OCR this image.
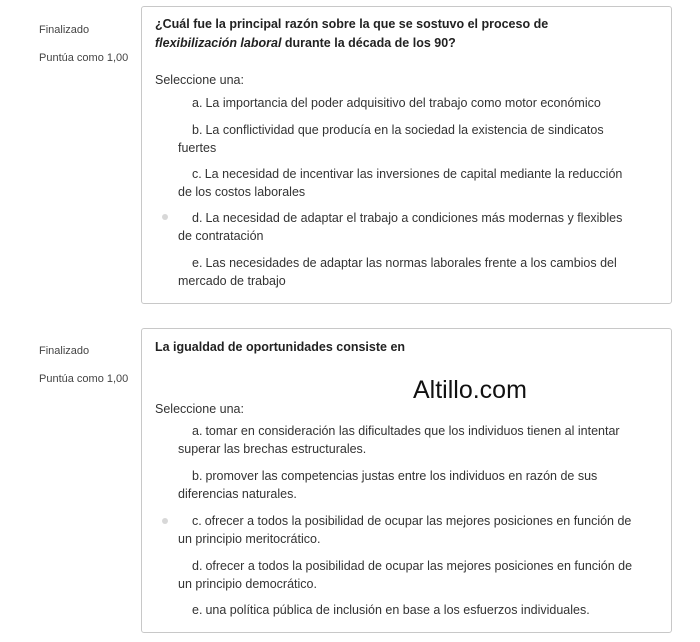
Finalizado
Puntúa como 1,00
¿Cuál fue la principal razón sobre la que se sostuvo el proceso de
flexibilización laboral durante la década de los 90?
Seleccione una:
a. La importancia del poder adquisitivo del trabajo como motor económico
b. La conflictividad que producía en la sociedad la existencia de sindicatos fuertes
c. La necesidad de incentivar las inversiones de capital mediante la reducción de los costos laborales
d. La necesidad de adaptar el trabajo a condiciones más modernas y flexibles de contratación
e. Las necesidades de adaptar las normas laborales frente a los cambios del mercado de trabajo
Finalizado
Puntúa como 1,00
La igualdad de oportunidades consiste en
Seleccione una:
a. tomar en consideración las dificultades que los individuos tienen al intentar superar las brechas estructurales.
b. promover las competencias justas entre los individuos en razón de sus diferencias naturales.
c. ofrecer a todos la posibilidad de ocupar las mejores posiciones en función de un principio meritocrático.
d. ofrecer a todos la posibilidad de ocupar las mejores posiciones en función de un principio democrático.
e. una política pública de inclusión en base a los esfuerzos individuales.
Altillo.com
